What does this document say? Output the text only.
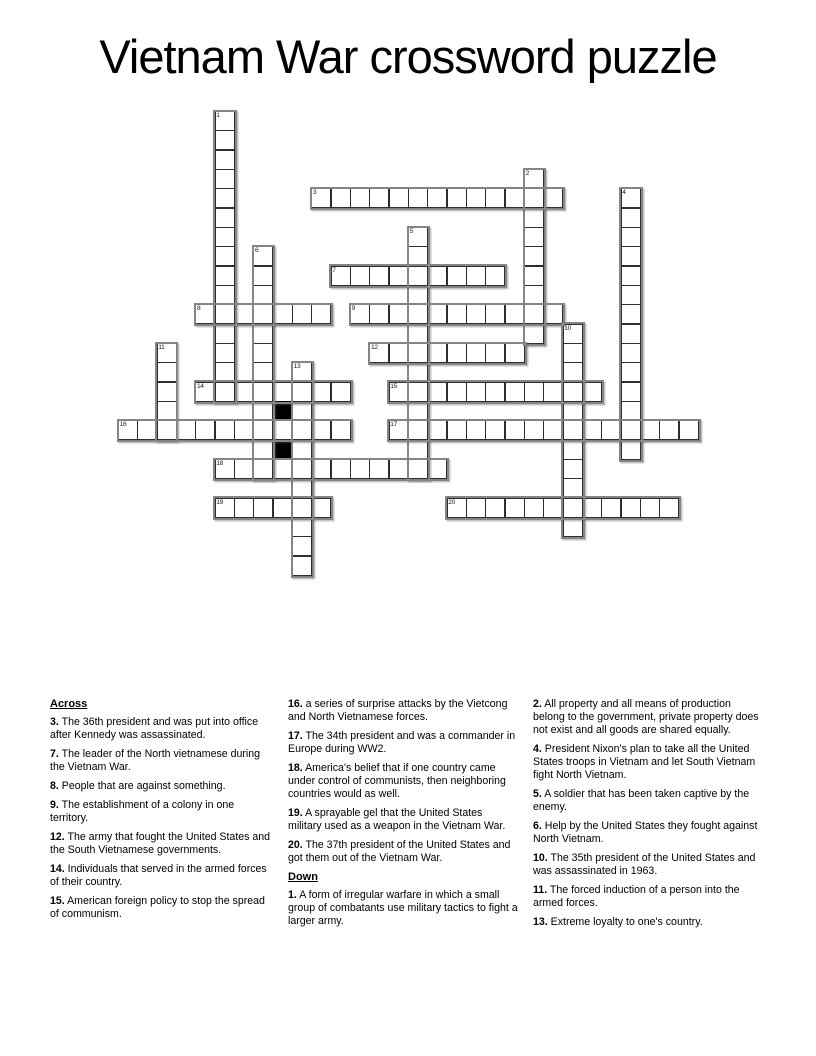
Vietnam War crossword puzzle
1
2
3	4
5
6
7
8	9
10
11	12
13
14	15
16	17
18
19	20
Across
3. The 36th president and was put into office after Kennedy was assassinated.
7. The leader of the North vietnamese during the Vietnam War.
8. People that are against something.
9. The establishment of a colony in one territory.
12. The army that fought the United States and the South Vietnamese governments.
14. Individuals that served in the armed forces of their country.
15. American foreign policy to stop the spread of communism.
16. a series of surprise attacks by the Vietcong and North Vietnamese forces.
17. The 34th president and was a commander in Europe during WW2.
18. America's belief that if one country came under control of communists, then neighboring countries would as well.
19. A sprayable gel that the United States military used as a weapon in the Vietnam War.
20. The 37th president of the United States and got them out of the Vietnam War.
Down
1. A form of irregular warfare in which a small group of combatants use military tactics to fight a larger army.
2. All property and all means of production belong to the government, private property does not exist and all goods are shared equally.
4. President Nixon's plan to take all the United States troops in Vietnam and let South Vietnam fight North Vietnam.
5. A soldier that has been taken captive by the enemy.
6. Help by the United States they fought against North Vietnam.
10. The 35th president of the United States and was assassinated in 1963.
11. The forced induction of a person into the armed forces.
13. Extreme loyalty to one's country.
